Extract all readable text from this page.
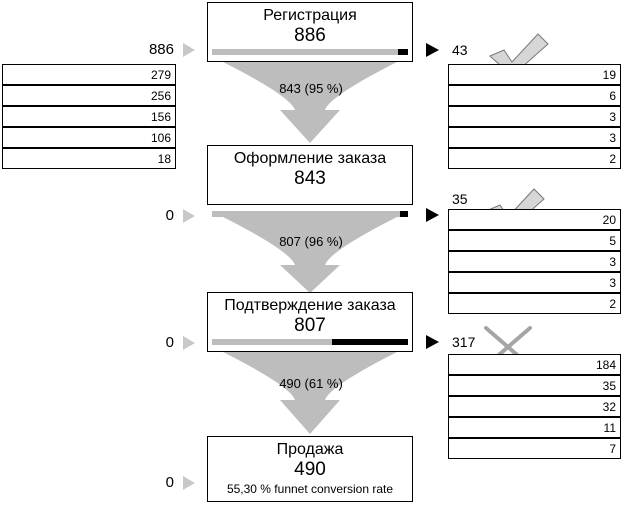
843 (95 %)
807 (96 %)
490 (61 %)
Регистрация
886
Оформление заказа
843
Подтверждение заказа
807
Продажа
490
55,30 % funnet conversion rate
886
0
0
0
279
256
156
106
18
43
35
317
19
6
3
3
2
20
5
3
3
2
184
35
32
11
7
